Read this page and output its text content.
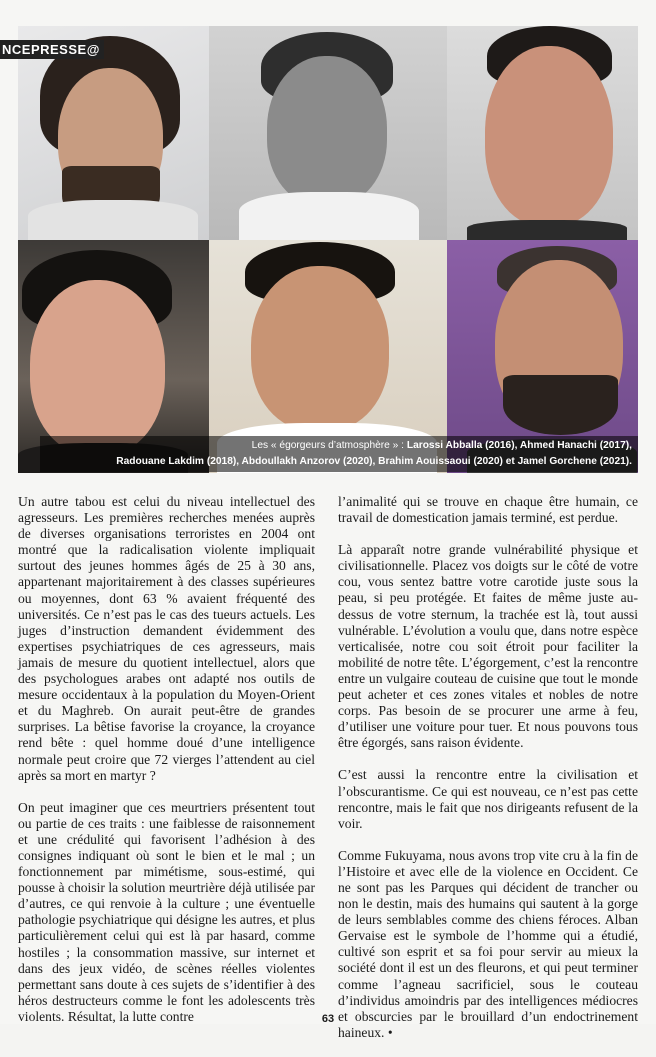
NCEPRESSE@
Les « égorgeurs d’atmosphère » : Larossi Abballa (2016), Ahmed Hanachi (2017),
Radouane Lakdim (2018), Abdoullakh Anzorov (2020), Brahim Aouissaoui (2020) et Jamel Gorchene (2021).

Un autre tabou est celui du niveau intellectuel des agresseurs. Les premières recherches menées auprès de diverses organisations terroristes en 2004 ont montré que la radicalisation violente impliquait surtout des jeunes hommes âgés de 25 à 30 ans, appartenant majoritairement à des classes supérieures ou moyennes, dont 63 % avaient fréquenté des universités. Ce n’est pas le cas des tueurs actuels. Les juges d’instruction demandent évidemment des expertises psychiatriques de ces agresseurs, mais jamais de mesure du quotient intellectuel, alors que des psychologues arabes ont adapté nos outils de mesure occidentaux à la population du Moyen-Orient et du Maghreb. On aurait peut-être de grandes surprises. La bêtise favorise la croyance, la croyance rend bête : quel homme doué d’une intelligence normale peut croire que 72 vierges l’attendent au ciel après sa mort en martyr ?

On peut imaginer que ces meurtriers présentent tout ou partie de ces traits : une faiblesse de raisonnement et une crédulité qui favorisent l’adhésion à des consignes indiquant où sont le bien et le mal ; un fonctionnement par mimétisme, sous-estimé, qui pousse à choisir la solution meurtrière déjà utilisée par d’autres, ce qui renvoie à la culture ; une éventuelle pathologie psychiatrique qui désigne les autres, et plus particulièrement celui qui est là par hasard, comme hostiles ; la consommation massive, sur internet et dans des jeux vidéo, de scènes réelles violentes permettant sans doute à ces sujets de s’identifier à des héros destructeurs comme le font les adolescents très violents. Résultat, la lutte contre

l’animalité qui se trouve en chaque être humain, ce travail de domestication jamais terminé, est perdue.

Là apparaît notre grande vulnérabilité physique et civilisationnelle. Placez vos doigts sur le côté de votre cou, vous sentez battre votre carotide juste sous la peau, si peu protégée. Et faites de même juste au-dessus de votre sternum, la trachée est là, tout aussi vulnérable. L’évolution a voulu que, dans notre espèce verticalisée, notre cou soit étroit pour faciliter la mobilité de notre tête. L’égorgement, c’est la rencontre entre un vulgaire couteau de cuisine que tout le monde peut acheter et ces zones vitales et nobles de notre corps. Pas besoin de se procurer une arme à feu, d’utiliser une voiture pour tuer. Et nous pouvons tous être égorgés, sans raison évidente.

C’est aussi la rencontre entre la civilisation et l’obscurantisme. Ce qui est nouveau, ce n’est pas cette rencontre, mais le fait que nos dirigeants refusent de la voir.

Comme Fukuyama, nous avons trop vite cru à la fin de l’Histoire et avec elle de la violence en Occident. Ce ne sont pas les Parques qui décident de trancher ou non le destin, mais des humains qui sautent à la gorge de leurs semblables comme des chiens féroces. Alban Gervaise est le symbole de l’homme qui a étudié, cultivé son esprit et sa foi pour servir au mieux la société dont il est un des fleurons, et qui peut terminer comme l’agneau sacrificiel, sous le couteau d’individus amoindris par des intelligences médiocres et obscurcies par le brouillard d’un endoctrinement haineux. •

63
